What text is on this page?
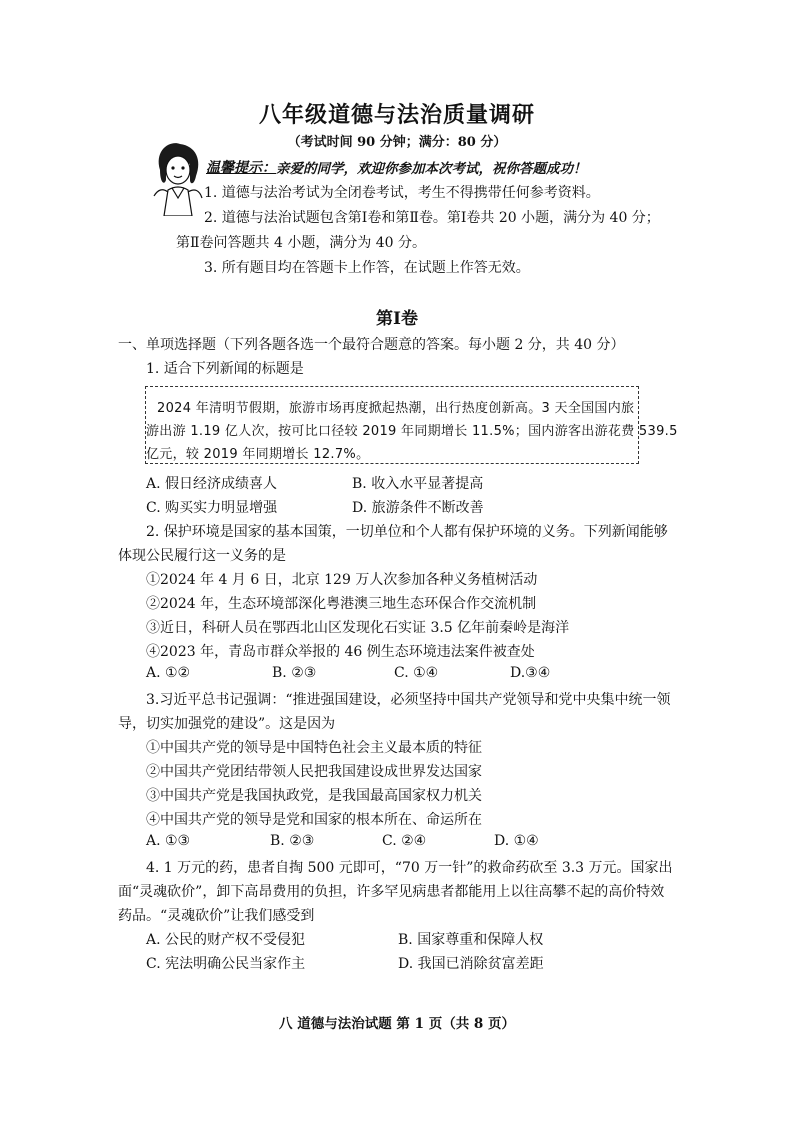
八年级道德与法治质量调研
（考试时间 90 分钟；满分：80 分）
温馨提示： 亲爱的同学，欢迎你参加本次考试，祝你答题成功！
1. 道德与法治考试为全闭卷考试，考生不得携带任何参考资料。
2. 道德与法治试题包含第Ⅰ卷和第Ⅱ卷。第Ⅰ卷共 20 小题，满分为 40 分；
第Ⅱ卷问答题共 4 小题，满分为 40 分。
3. 所有题目均在答题卡上作答，在试题上作答无效。
第Ⅰ卷
一、单项选择题（下列各题各选一个最符合题意的答案。每小题 2 分，共 40 分）
1. 适合下列新闻的标题是
2024 年清明节假期，旅游市场再度掀起热潮，出行热度创新高。3 天全国国内旅
游出游 1.19 亿人次，按可比口径较 2019 年同期增长 11.5%；国内游客出游花费 539.5
亿元，较 2019 年同期增长 12.7%。
A. 假日经济成绩喜人	B. 收入水平显著提高
C. 购买实力明显增强	D. 旅游条件不断改善
2. 保护环境是国家的基本国策，一切单位和个人都有保护环境的义务。下列新闻能够
体现公民履行这一义务的是
①2024 年 4 月 6 日，北京 129 万人次参加各种义务植树活动
②2024 年，生态环境部深化粤港澳三地生态环保合作交流机制
③近日，科研人员在鄂西北山区发现化石实证 3.5 亿年前秦岭是海洋
④2023 年，青岛市群众举报的 46 例生态环境违法案件被查处
A. ①②	B. ②③	C. ①④	D.③④
3.习近平总书记强调：“推进强国建设，必须坚持中国共产党领导和党中央集中统一领
导，切实加强党的建设”。这是因为
①中国共产党的领导是中国特色社会主义最本质的特征
②中国共产党团结带领人民把我国建设成世界发达国家
③中国共产党是我国执政党，是我国最高国家权力机关
④中国共产党的领导是党和国家的根本所在、命运所在
A. ①③	B. ②③	C. ②④	D. ①④
4. 1 万元的药，患者自掏 500 元即可，“70 万一针”的救命药砍至 3.3 万元。国家出
面“灵魂砍价”，卸下高昂费用的负担，许多罕见病患者都能用上以往高攀不起的高价特效
药品。“灵魂砍价”让我们感受到
A. 公民的财产权不受侵犯	B. 国家尊重和保障人权
C. 宪法明确公民当家作主	D. 我国已消除贫富差距
八 道德与法治试题 第 1 页（共 8 页）
